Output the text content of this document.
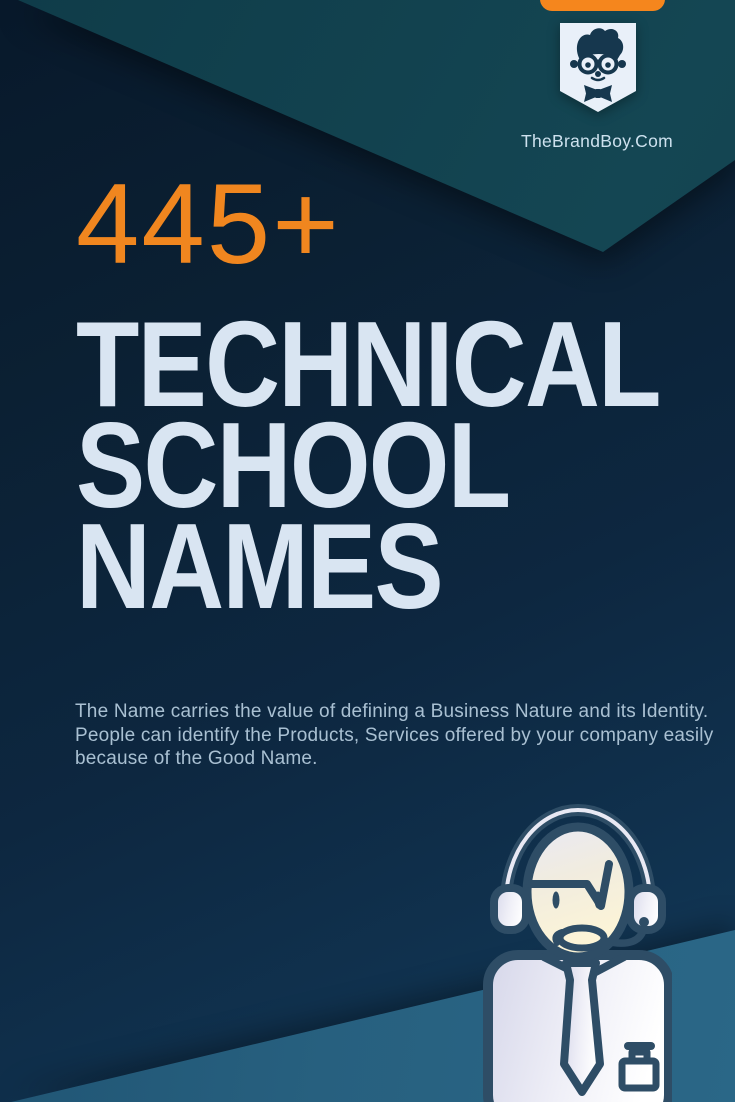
TheBrandBoy.Com
445+
TECHNICAL
SCHOOL
NAMES

The Name carries the value of defining a Business Nature and its Identity.
People can identify the Products, Services offered by your company easily
because of the Good Name.
